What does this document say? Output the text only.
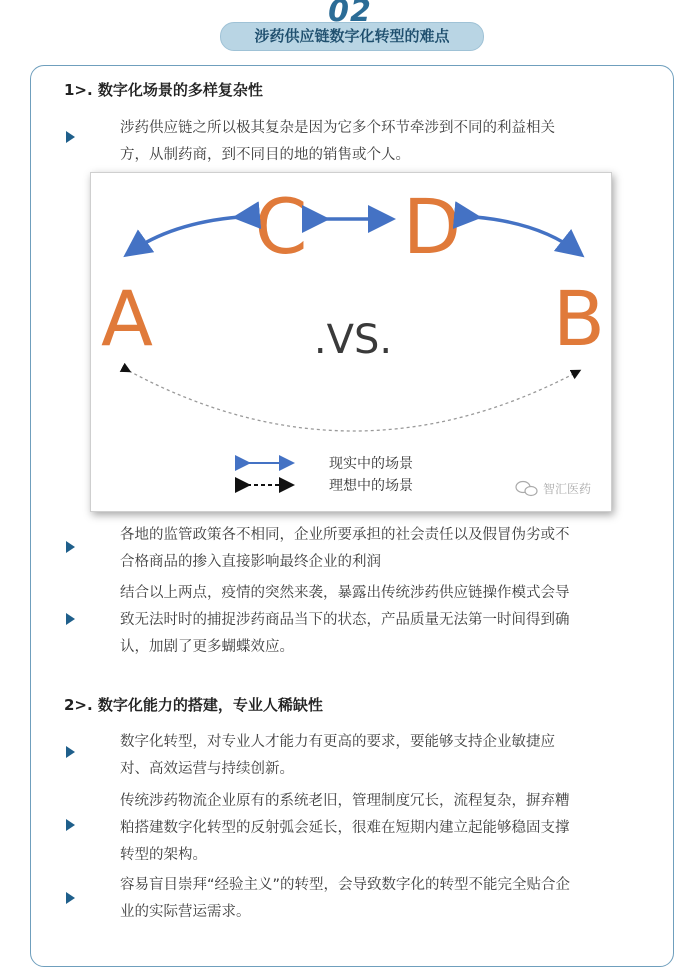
02
涉药供应链数字化转型的难点
1>. 数字化场景的多样复杂性
涉药供应链之所以极其复杂是因为它多个环节牵涉到不同的利益相关
方，从制药商，到不同目的地的销售或个人。
C D
A	B
.VS.
现实中的场景
理想中的场景	智汇医药
各地的监管政策各不相同，企业所要承担的社会责任以及假冒伪劣或不
合格商品的掺入直接影响最终企业的利润
结合以上两点，疫情的突然来袭，暴露出传统涉药供应链操作模式会导
致无法时时的捕捉涉药商品当下的状态，产品质量无法第一时间得到确
认，加剧了更多蝴蝶效应。
2>. 数字化能力的搭建，专业人稀缺性
数字化转型，对专业人才能力有更高的要求，要能够支持企业敏捷应
对、高效运营与持续创新。
传统涉药物流企业原有的系统老旧，管理制度冗长，流程复杂，摒弃糟
粕搭建数字化转型的反射弧会延长，很难在短期内建立起能够稳固支撑
转型的架构。
容易盲目崇拜“经验主义”的转型，会导致数字化的转型不能完全贴合企
业的实际营运需求。
